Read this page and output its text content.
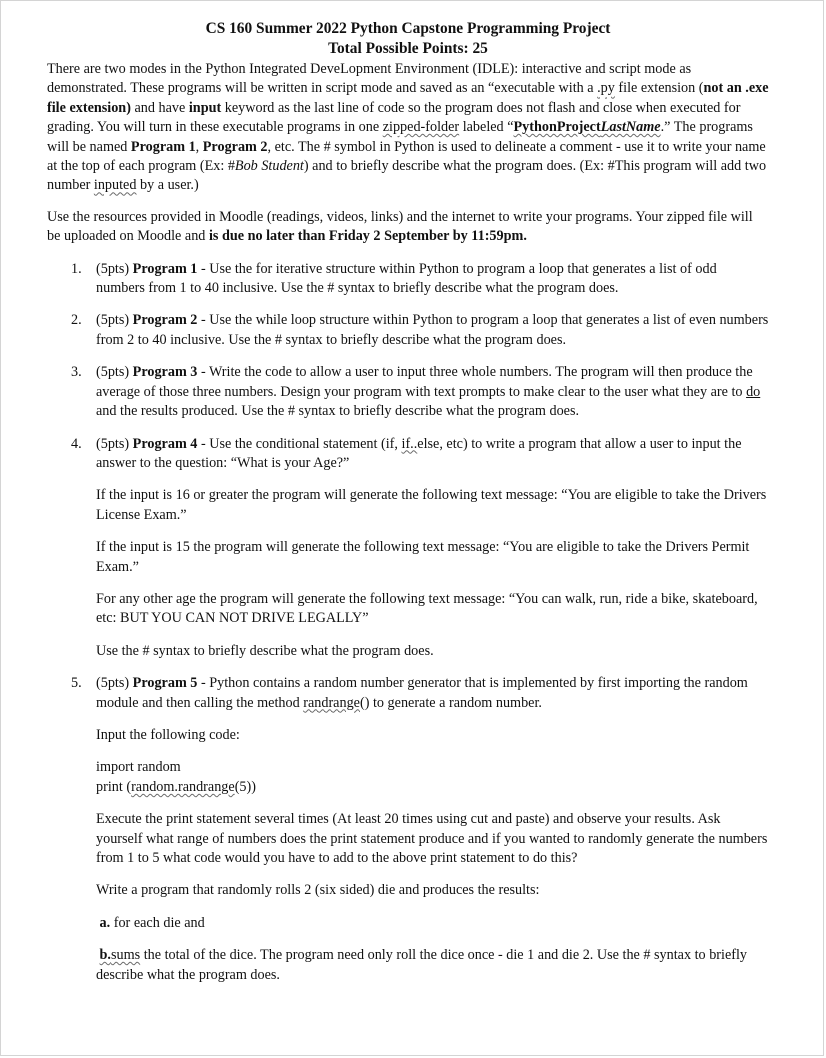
CS 160 Summer 2022 Python Capstone Programming Project
Total Possible Points: 25

There are two modes in the Python Integrated DeveLopment Environment (IDLE): interactive and script mode as demonstrated. These programs will be written in script mode and saved as an “executable with a .py file extension (not an .exe file extension) and have input keyword as the last line of code so the program does not flash and close when executed for grading. You will turn in these executable programs in one zipped-folder labeled “PythonProjectLastName.” The programs will be named Program 1, Program 2, etc. The # symbol in Python is used to delineate a comment - use it to write your name at the top of each program (Ex: #Bob Student) and to briefly describe what the program does. (Ex: #This program will add two number inputed by a user.)

Use the resources provided in Moodle (readings, videos, links) and the internet to write your programs. Your zipped file will be uploaded on Moodle and is due no later than Friday 2 September by 11:59pm.

1. (5pts) Program 1 - Use the for iterative structure within Python to program a loop that generates a list of odd numbers from 1 to 40 inclusive. Use the # syntax to briefly describe what the program does.
2. (5pts) Program 2 - Use the while loop structure within Python to program a loop that generates a list of even numbers from 2 to 40 inclusive. Use the # syntax to briefly describe what the program does.
3. (5pts) Program 3 - Write the code to allow a user to input three whole numbers. The program will then produce the average of those three numbers. Design your program with text prompts to make clear to the user what they are to do and the results produced. Use the # syntax to briefly describe what the program does.
4. (5pts) Program 4 - Use the conditional statement (if, if..else, etc) to write a program that allow a user to input the answer to the question: “What is your Age?”

If the input is 16 or greater the program will generate the following text message: “You are eligible to take the Drivers License Exam.”

If the input is 15 the program will generate the following text message: “You are eligible to take the Drivers Permit Exam.”

For any other age the program will generate the following text message: “You can walk, run, ride a bike, skateboard, etc: BUT YOU CAN NOT DRIVE LEGALLY”

Use the # syntax to briefly describe what the program does.

5. (5pts) Program 5 - Python contains a random number generator that is implemented by first importing the random module and then calling the method randrange() to generate a random number.

Input the following code:

import random
print (random.randrange(5))

Execute the print statement several times (At least 20 times using cut and paste) and observe your results. Ask yourself what range of numbers does the print statement produce and if you wanted to randomly generate the numbers from 1 to 5 what code would you have to add to the above print statement to do this?

Write a program that randomly rolls 2 (six sided) die and produces the results:

a. for each die and

b.sums the total of the dice. The program need only roll the dice once - die 1 and die 2. Use the # syntax to briefly describe what the program does.
